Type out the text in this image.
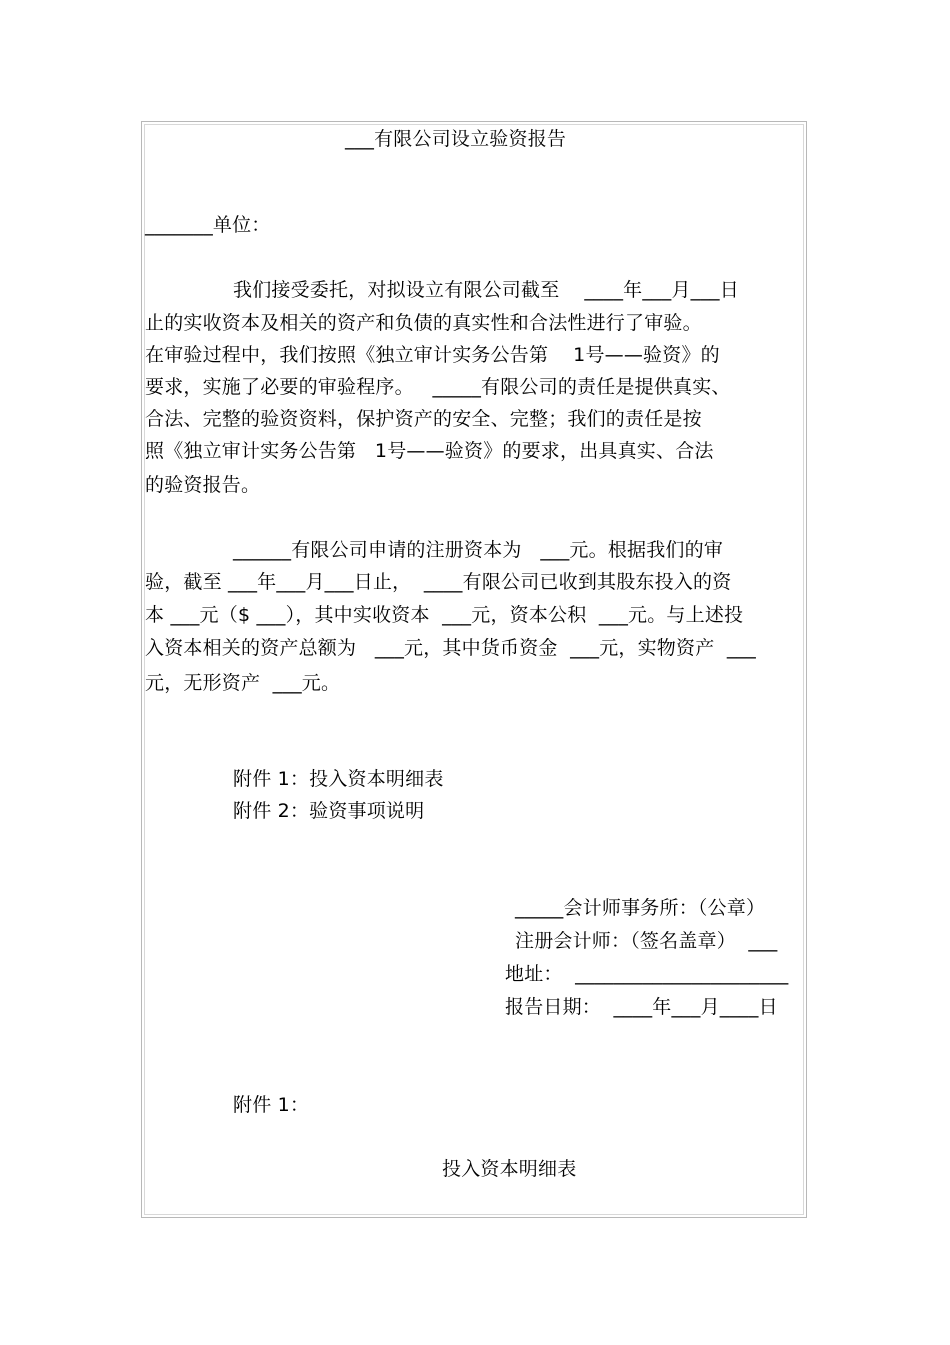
___有限公司设立验资报告
_______单位：
我们接受委托，对拟设立有限公司截至    ____年___月___日
止的实收资本及相关的资产和负债的真实性和合法性进行了审验。
在审验过程中，我们按照《独立审计实务公告第    1号——验资》的
要求，实施了必要的审验程序。   _____有限公司的责任是提供真实、
合法、完整的验资资料，保护资产的安全、完整；我们的责任是按
照《独立审计实务公告第   1号——验资》的要求，出具真实、合法
的验资报告。
______有限公司申请的注册资本为   ___元。根据我们的审
验，截至 ___年___月___日止，  ____有限公司已收到其股东投入的资
本 ___元（$ ___），其中实收资本  ___元，资本公积  ___元。与上述投
入资本相关的资产总额为   ___元，其中货币资金  ___元，实物资产  ___
元，无形资产  ___元。
附件 1：投入资本明细表
附件 2：验资事项说明
_____会计师事务所：（公章）
注册会计师：（签名盖章）  ___
地址：  ______________________
报告日期：  ____年___月____日
附件 1：
投入资本明细表
